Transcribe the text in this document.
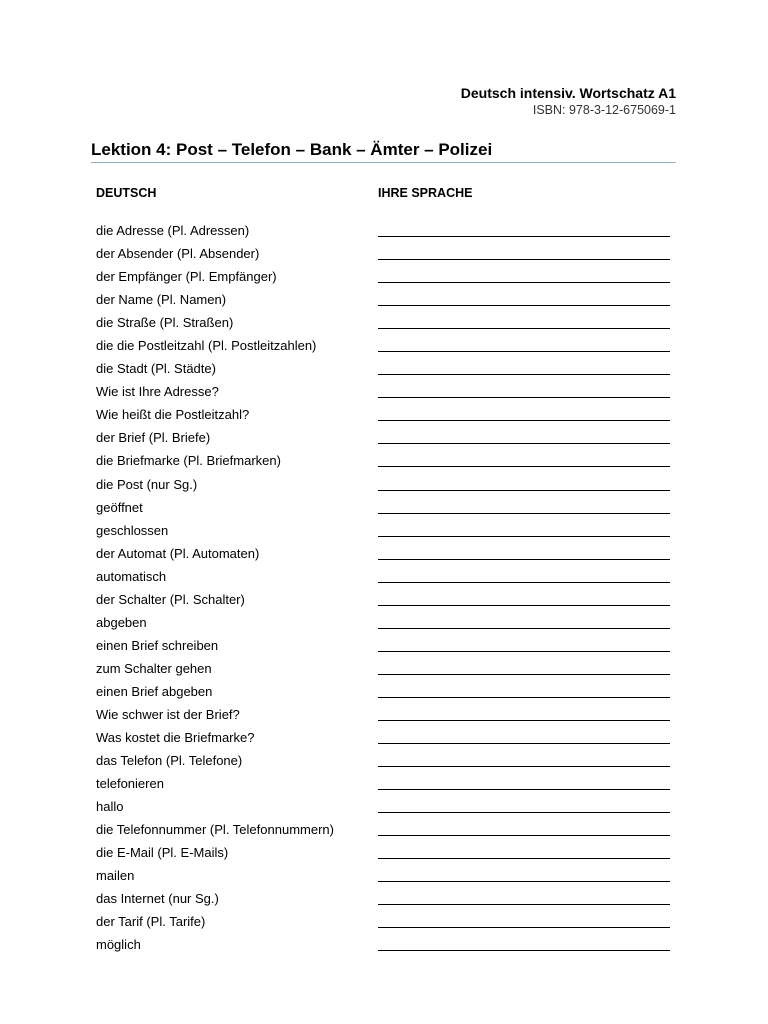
Deutsch intensiv. Wortschatz A1
ISBN: 978-3-12-675069-1
Lektion 4: Post – Telefon – Bank – Ämter – Polizei
DEUTSCH	IHRE SPRACHE
die Adresse (Pl. Adressen)
der Absender (Pl. Absender)
der Empfänger (Pl. Empfänger)
der Name (Pl. Namen)
die Straße (Pl. Straßen)
die die Postleitzahl (Pl. Postleitzahlen)
die Stadt (Pl. Städte)
Wie ist Ihre Adresse?
Wie heißt die Postleitzahl?
der Brief (Pl. Briefe)
die Briefmarke (Pl. Briefmarken)
die Post (nur Sg.)
geöffnet
geschlossen
der Automat (Pl. Automaten)
automatisch
der Schalter (Pl. Schalter)
abgeben
einen Brief schreiben
zum Schalter gehen
einen Brief abgeben
Wie schwer ist der Brief?
Was kostet die Briefmarke?
das Telefon (Pl. Telefone)
telefonieren
hallo
die Telefonnummer (Pl. Telefonnummern)
die E-Mail (Pl. E-Mails)
mailen
das Internet (nur Sg.)
der Tarif (Pl. Tarife)
möglich
